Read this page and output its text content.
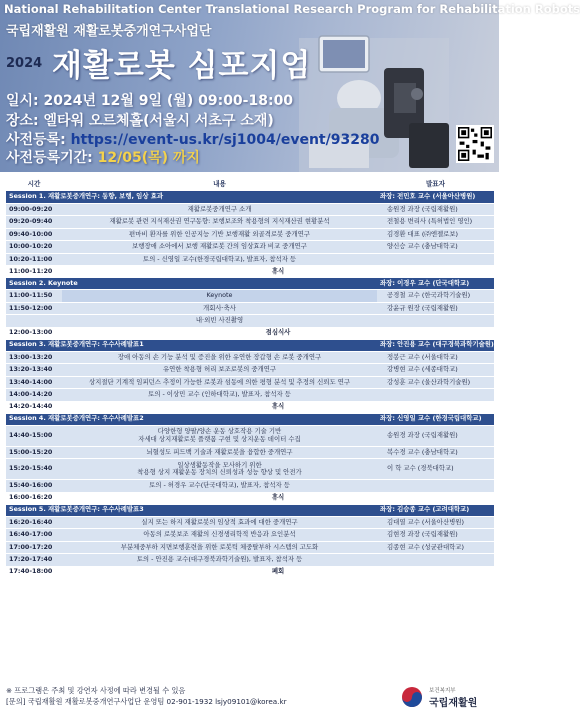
National Rehabilitation Center Translational Research Program for Rehabilitation Robots
국립재활원 재활로봇중개연구사업단
2024 재활로봇 심포지엄
일시: 2024년 12월 9일 (월) 09:00-18:00
장소: 엘타워 오르체홀(서울시 서초구 소재)
사전등록: https://event-us.kr/sj1004/event/93280
사전등록기간: 12/05(목) 까지
시간	내용	발표자
Session 1. 재활로봇중개연구: 동향, 보행, 임상 효과		좌장: 전민호 교수 (서울아산병원)
09:00-09:20	재활로봇중개연구 소개	송원경 과장 (국립재활원)
09:20-09:40	재활로봇 관련 지식재산권 연구동향: 보행보조와 착용형의 지식재산권 현황분석	전철용 변리사 (특허법인 영인)
09:40-10:00	편마비 환자를 위한 인공지능 기반 보행재활 외골격로봇 중개연구	김경환 대표 (㈜엔젤로보)
10:00-10:20	보행장애 소아에서 보행 재활로봇 간의 임상효과 비교 중개연구	양신승 교수 (충남대학교)
10:20-11:00	토의 - 신영일 교수(한경국립대학교), 발표자, 참석자 등	
11:00-11:20	휴식	
Session 2. Keynote		좌장: 이경우 교수 (단국대학교)
11:00-11:50	Keynote	공경철 교수 (한국과학기술원)
11:50-12:00	개회사·축사	강윤규 원장 (국립재활원)
	내·외빈 사진촬영	
12:00-13:00	점심식사	
Session 3. 재활로봇중개연구: 우수사례발표1		좌장: 안진용 교수 (대구경북과학기술원)
13:00-13:20	장애 아동의 손 기능 분석 및 증진을 위한 유연한 장갑형 손 로봇 중개연구	정봉근 교수 (서울대학교)
13:20-13:40	유연한 착용형 허리 보조로봇의 중개연구	강병현 교수 (세종대학교)
13:40-14:00	상지절단 기계적 임피던스 추정이 가능한 로봇과 섬동에 의한 평형 분석 및 추정의 신뢰도 연구	강성훈 교수 (울산과학기술원)
14:00-14:20	토의 - 이상민 교수 (인하대학교), 발표자, 참석자 등	
14:20-14:40	휴식	
Session 4. 재활로봇중개연구: 우수사례발표2		좌장: 신영일 교수 (한경국립대학교)
14:40-15:00	다양한형 양팔/양손 운동 상호작용 기술 기반
자세대 상지재활로봇 플랫폼 구현 및 상지운동 데이터 수집	송원경 과장 (국립재활원)
15:00-15:20	뇌혈성도 피드백 기술과 재활로봇을 융합한 중개연구	복수경 교수 (충남대학교)
15:20-15:40	일상생활동작을 모사하기 위한
착용형 상지 재활운동 장치의 신뢰성과 성능 향상 및 안전가	이 학 교수 (경북대학교)
15:40-16:00	토의 - 허경우 교수(단국대학교), 발표자, 참석자 등	
16:00-16:20	휴식	
Session 5. 재활로봇중개연구: 우수사례발표3		좌장: 김승종 교수 (고려대학교)
16:20-16:40	실지 또는 하지 재활로봇의 임상적 효과에 대한 중개연구	김대열 교수 (서울아산병원)
16:40-17:00	아동의 로봇보조 재활의 신경생리학적 반응과 요인분석	김현경 과장 (국립재활원)
17:00-17:20	부분체중부하 지면보행훈련을 위한 로봇틱 체중탈부하 시스템의 고도화	김종현 교수 (성균관대학교)
17:20-17:40	토의 - 안진용 교수(대구경북과학기술원), 발표자, 참석자 등	
17:40-18:00	폐회	
※ 프로그램은 주최 및 강연자 사정에 따라 변경될 수 있음
[문의] 국립재활원 재활로봇중개연구사업단 운영팀 02-901-1932 lsjy09101@korea.kr
보건복지부
국립재활원
